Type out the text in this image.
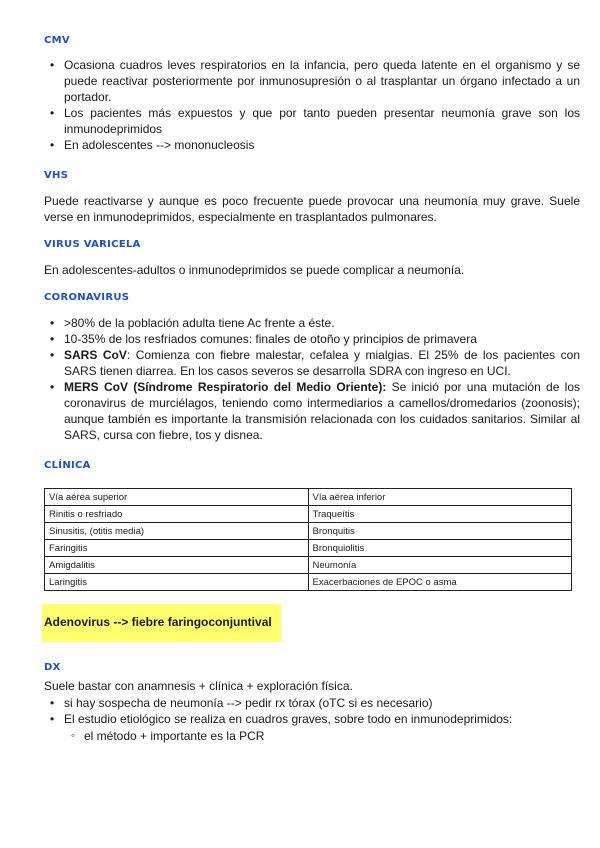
CMV
• Ocasiona cuadros leves respiratorios en la infancia, pero queda latente en el organismo y se puede reactivar posteriormente por inmunosupresión o al trasplantar un órgano infectado a un portador.
• Los pacientes más expuestos y que por tanto pueden presentar neumonía grave son los inmunodeprimidos
• En adolescentes --> mononucleosis
VHS

Puede reactivarse y aunque es poco frecuente puede provocar una neumonía muy grave. Suele verse en inmunodeprimidos, especialmente en trasplantados pulmonares.

VIRUS VARICELA

En adolescentes-adultos o inmunodeprimidos se puede complicar a neumonía.

CORONAVIRUS
• >80% de la población adulta tiene Ac frente a éste.
• 10-35% de los resfriados comunes: finales de otoño y principios de primavera
• SARS CoV: Comienza con fiebre malestar, cefalea y mialgias. El 25% de los pacientes con SARS tienen diarrea. En los casos severos se desarrolla SDRA con ingreso en UCI.
• MERS CoV (Síndrome Respiratorio del Medio Oriente): Se inició por una mutación de los coronavirus de murciélagos, teniendo como intermediarios a camellos/dromedarios (zoonosis); aunque también es importante la transmisión relacionada con los cuidados sanitarios. Similar al SARS, cursa con fiebre, tos y disnea.
CLÍNICA
Vía aérea superior	Vía aérea inferior
Rinitis o resfriado	Traqueítis
Sinusitis, (otitis media)	Bronquitis
Faringitis	Bronquiolitis
Amigdalitis	Neumonía
Laringitis	Exacerbaciones de EPOC o asma
Adenovirus --> fiebre faringoconjuntival
DX

Suele bastar con anamnesis + clínica + exploración física.

• si hay sospecha de neumonía --> pedir rx tórax (oTC si es necesario)
• El estudio etiológico se realiza en cuadros graves, sobre todo en inmunodeprimidos:
◦ el método + importante es la PCR
